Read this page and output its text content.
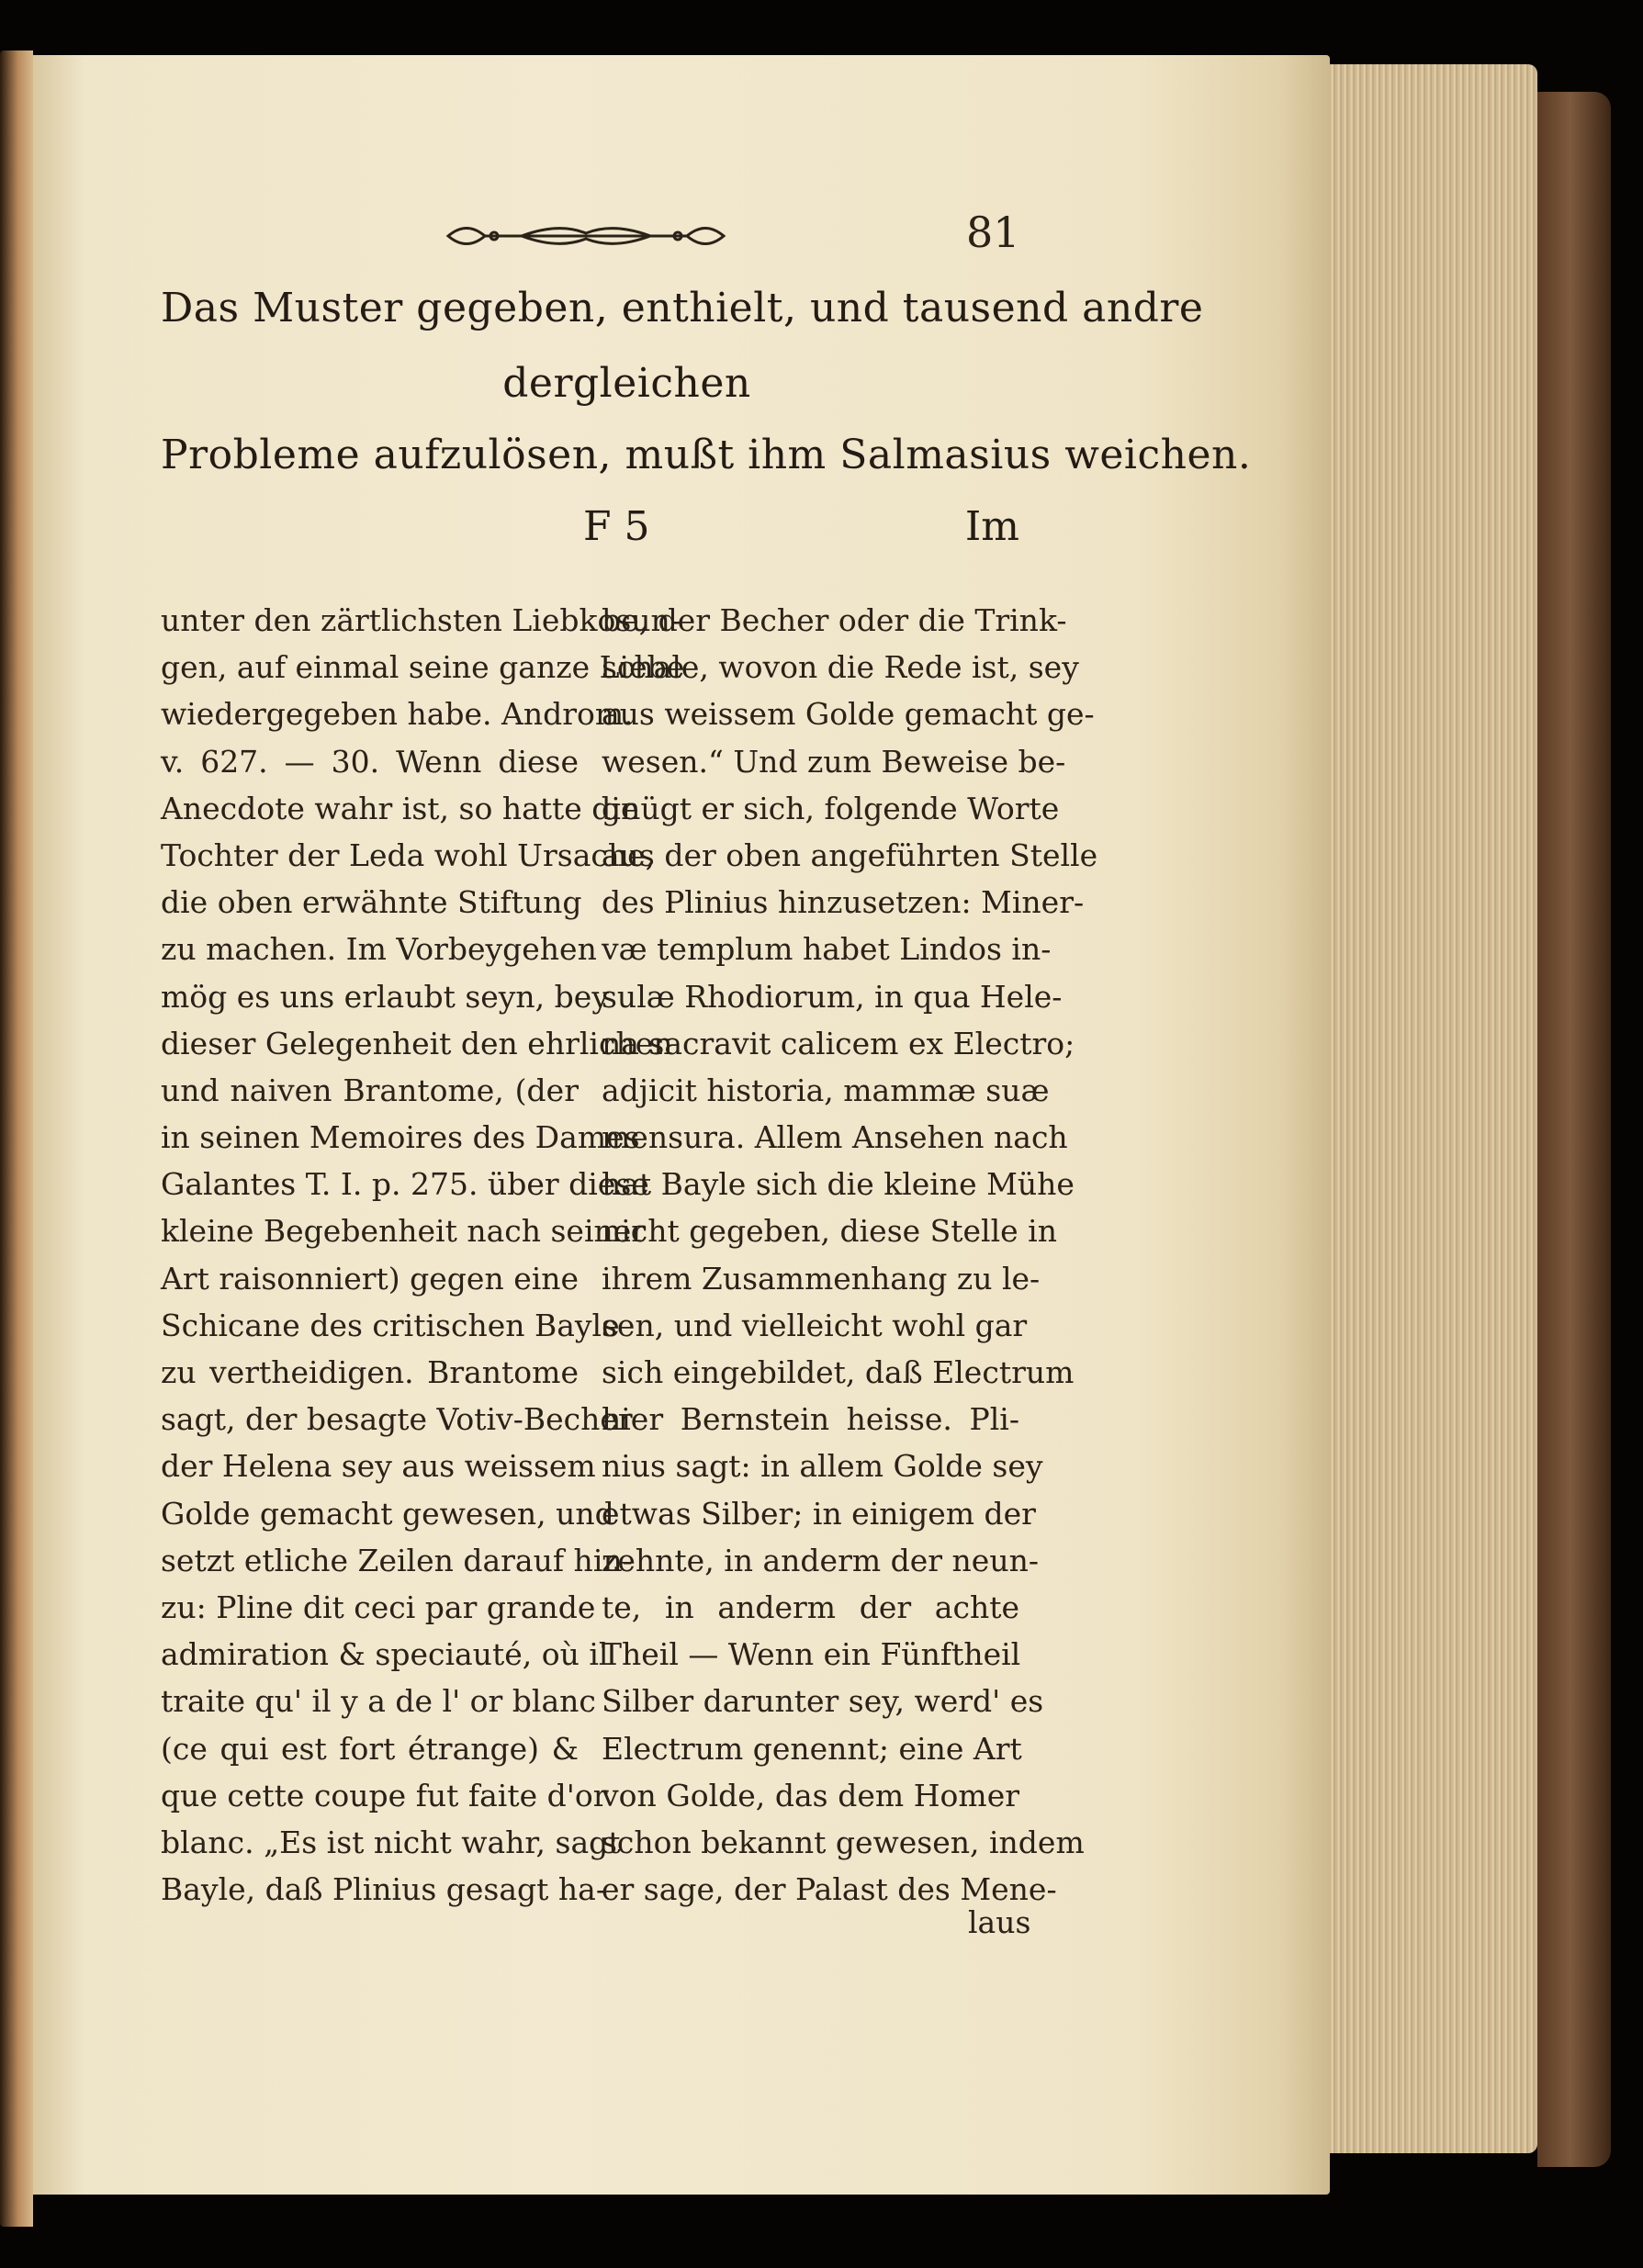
81
Das Muster gegeben, enthielt, und tausend andre
dergleichen
Probleme aufzulösen, mußt ihm Salmasius weichen.
F 5	Im
unter den zärtlichsten Liebkosun-
gen, auf einmal seine ganze Liebe
wiedergegeben habe. Androm.
v. 627. — 30. Wenn diese
Anecdote wahr ist, so hatte die
Tochter der Leda wohl Ursache,
die oben erwähnte Stiftung
zu machen. Im Vorbeygehen
mög es uns erlaubt seyn, bey
dieser Gelegenheit den ehrlichen
und naiven Brantome, (der
in seinen Memoires des Dames
Galantes T. I. p. 275. über diese
kleine Begebenheit nach seiner
Art raisonniert) gegen eine
Schicane des critischen Bayle
zu vertheidigen. Brantome
sagt, der besagte Votiv-Becher
der Helena sey aus weissem
Golde gemacht gewesen, und
setzt etliche Zeilen darauf hin-
zu: Pline dit ceci par grande
admiration & speciauté, où il
traite qu' il y a de l' or blanc
(ce qui est fort étrange) &
que cette coupe fut faite d'or
blanc. „Es ist nicht wahr, sagt
Bayle, daß Plinius gesagt ha-
be, der Becher oder die Trink-
schale, wovon die Rede ist, sey
aus weissem Golde gemacht ge-
wesen.“ Und zum Beweise be-
gnügt er sich, folgende Worte
aus der oben angeführten Stelle
des Plinius hinzusetzen: Miner-
væ templum habet Lindos in-
sulæ Rhodiorum, in qua Hele-
na sacravit calicem ex Electro;
adjicit historia, mammæ suæ
mensura. Allem Ansehen nach
hat Bayle sich die kleine Mühe
nicht gegeben, diese Stelle in
ihrem Zusammenhang zu le-
sen, und vielleicht wohl gar
sich eingebildet, daß Electrum
hier Bernstein heisse. Pli-
nius sagt: in allem Golde sey
etwas Silber; in einigem der
zehnte, in anderm der neun-
te, in anderm der achte
Theil — Wenn ein Fünftheil
Silber darunter sey, werd' es
Electrum genennt; eine Art
von Golde, das dem Homer
schon bekannt gewesen, indem
er sage, der Palast des Mene-
laus
